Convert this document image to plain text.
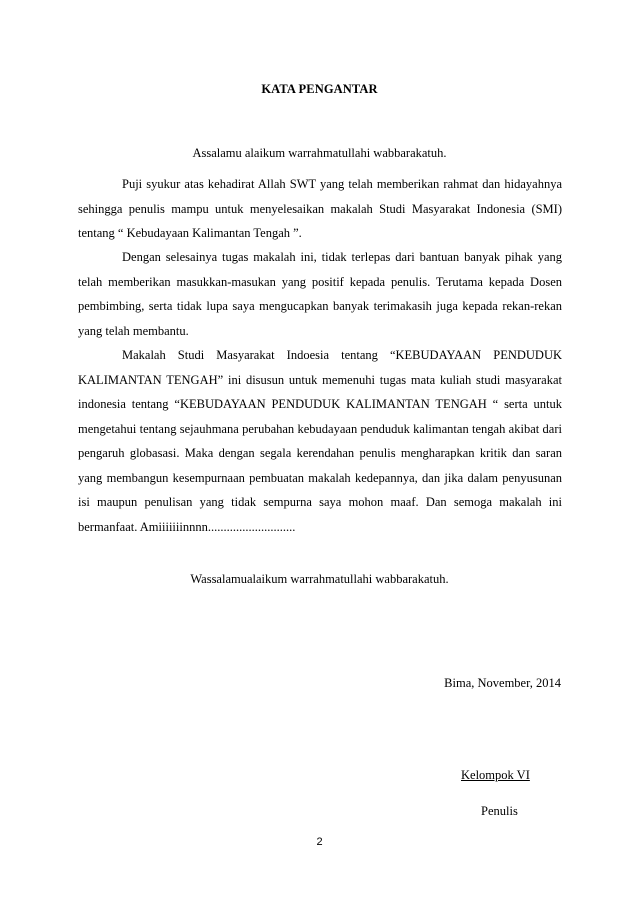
KATA PENGANTAR
Assalamu alaikum warrahmatullahi wabbarakatuh.

Puji syukur atas kehadirat Allah SWT yang telah memberikan rahmat dan hidayahnya sehingga penulis mampu untuk menyelesaikan makalah Studi Masyarakat Indonesia (SMI) tentang “ Kebudayaan Kalimantan Tengah ”.

Dengan selesainya tugas makalah ini, tidak terlepas dari bantuan banyak pihak yang telah memberikan masukkan-masukan yang positif kepada penulis. Terutama kepada Dosen pembimbing, serta tidak lupa saya mengucapkan banyak terimakasih juga kepada rekan-rekan yang telah membantu.

Makalah Studi Masyarakat Indoesia tentang “KEBUDAYAAN PENDUDUK KALIMANTAN TENGAH” ini disusun untuk memenuhi tugas mata kuliah studi masyarakat indonesia tentang “KEBUDAYAAN PENDUDUK KALIMANTAN TENGAH “ serta untuk mengetahui tentang sejauhmana perubahan kebudayaan penduduk kalimantan tengah akibat dari pengaruh globasasi. Maka dengan segala kerendahan penulis mengharapkan kritik dan saran yang membangun kesempurnaan pembuatan makalah kedepannya, dan jika dalam penyusunan isi maupun penulisan yang tidak sempurna saya mohon maaf. Dan semoga makalah ini bermanfaat. Amiiiiiiinnnn............................

Wassalamualaikum warrahmatullahi wabbarakatuh.
Bima, November, 2014
Kelompok VI
Penulis
2
